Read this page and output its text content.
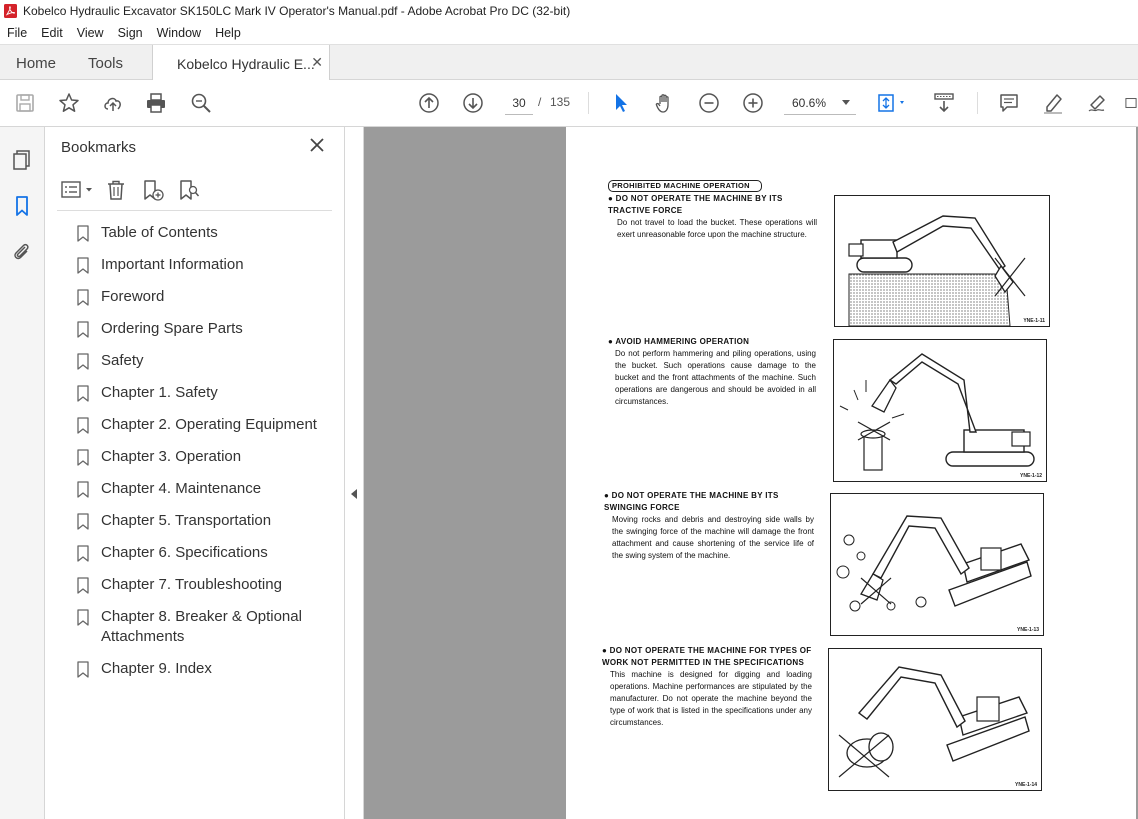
Kobelco Hydraulic Excavator SK150LC Mark IV Operator's Manual.pdf - Adobe Acrobat Pro DC (32-bit)
File	Edit	View	Sign	Window	Help
Home Tools	Kobelco Hydraulic E...
✕
30
/ 135	60.6%
Bookmarks
Table of Contents
Important Information
Foreword
Ordering Spare Parts
Safety
Chapter 1. Safety
Chapter 2. Operating Equipment
Chapter 3. Operation
Chapter 4. Maintenance
Chapter 5. Transportation
Chapter 6. Specifications
Chapter 7. Troubleshooting
Chapter 8. Breaker & Optional Attachments
Chapter 9. Index
PROHIBITED MACHINE OPERATION
● DO NOT OPERATE THE MACHINE BY ITS TRACTIVE FORCE
Do not travel to load the bucket. These operations will exert unreasonable force upon the machine structure.
YNE-1-11
● AVOID HAMMERING OPERATION
Do not perform hammering and piling operations, using the bucket. Such operations cause damage to the bucket and the front attachments of the machine. Such operations are dangerous and should be avoided in all circumstances.
YNE-1-12
● DO NOT OPERATE THE MACHINE BY ITS SWINGING FORCE
Moving rocks and debris and destroying side walls by the swinging force of the machine will damage the front attachment and cause shortening of the service life of the swing system of the machine.
YNE-1-13
● DO NOT OPERATE THE MACHINE FOR TYPES OF WORK NOT PERMITTED IN THE SPECIFICATIONS
This machine is designed for digging and loading operations. Machine performances are stipulated by the manufacturer. Do not operate the machine beyond the type of work that is listed in the specifications under any circumstances.
YNE-1-14
